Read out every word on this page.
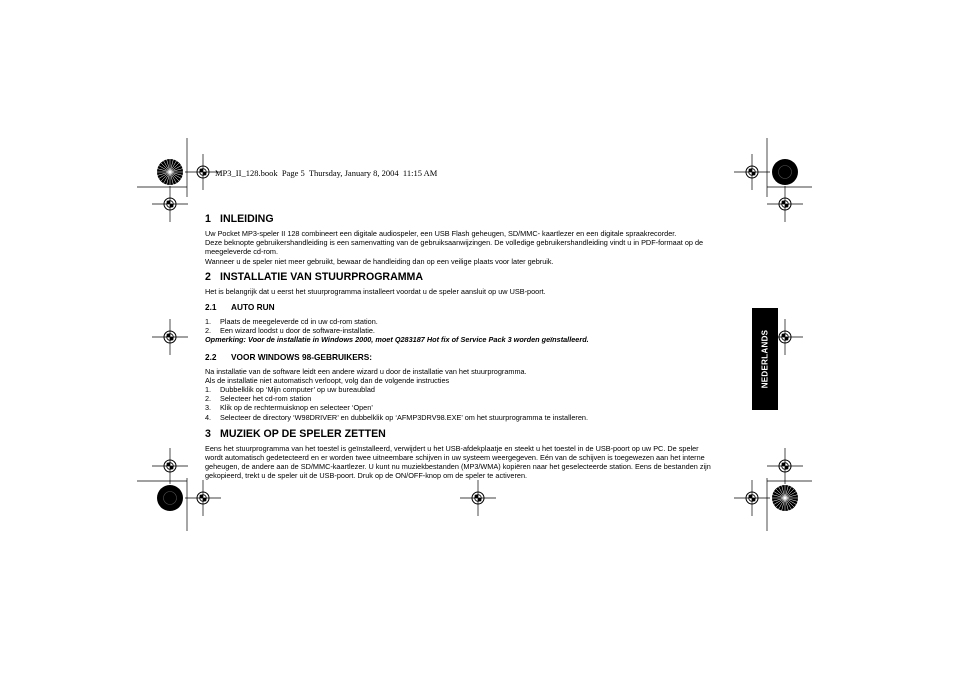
MP3_II_128.book  Page 5  Thursday, January 8, 2004  11:15 AM
NEDERLANDS
1 INLEIDING

Uw Pocket MP3-speler II 128 combineert een digitale audiospeler, een USB Flash geheugen, SD/MMC- kaartlezer en een digitale spraakrecorder.

Deze beknopte gebruikershandleiding is een samenvatting van de gebruiksaanwijzingen. De volledige gebruikershandleiding vindt u in PDF-formaat op de

meegeleverde cd-rom.

Wanneer u de speler niet meer gebruikt, bewaar de handleiding dan op een veilige plaats voor later gebruik.

2 INSTALLATIE VAN STUURPROGRAMMA

Het is belangrijk dat u eerst het stuurprogramma installeert voordat u de speler aansluit op uw USB-poort.

2.1	AUTO RUN
1.	Plaats de meegeleverde cd in uw cd-rom station.
2.	Een wizard loodst u door de software-installatie.

Opmerking: Voor de installatie in Windows 2000, moet Q283187 Hot fix of Service Pack 3 worden geïnstalleerd.

2.2	VOOR WINDOWS 98-GEBRUIKERS:

Na installatie van de software leidt een andere wizard u door de installatie van het stuurprogramma.

Als de installatie niet automatisch verloopt, volg dan de volgende instructies

1.	Dubbelklik op ‘Mijn computer’ op uw bureaublad
2.	Selecteer het cd-rom station
3.	Klik op de rechtermuisknop en selecteer ‘Open’
4.	Selecteer de directory ‘W98DRIVER’ en dubbelklik op ‘AFMP3DRV98.EXE’ om het stuurprogramma te installeren.
3 MUZIEK OP DE SPELER ZETTEN

Eens het stuurprogramma van het toestel is geïnstalleerd, verwijdert u het USB-afdekplaatje en steekt u het toestel in de USB-poort op uw PC. De speler

wordt automatisch gedetecteerd en er worden twee uitneembare schijven in uw systeem weergegeven. Eén van de schijven is toegewezen aan het interne

geheugen, de andere aan de SD/MMC-kaartlezer. U kunt nu muziekbestanden (MP3/WMA) kopiëren naar het geselecteerde station. Eens de bestanden zijn

gekopieerd, trekt u de speler uit de USB-poort. Druk op de ON/OFF-knop om de speler te activeren.
